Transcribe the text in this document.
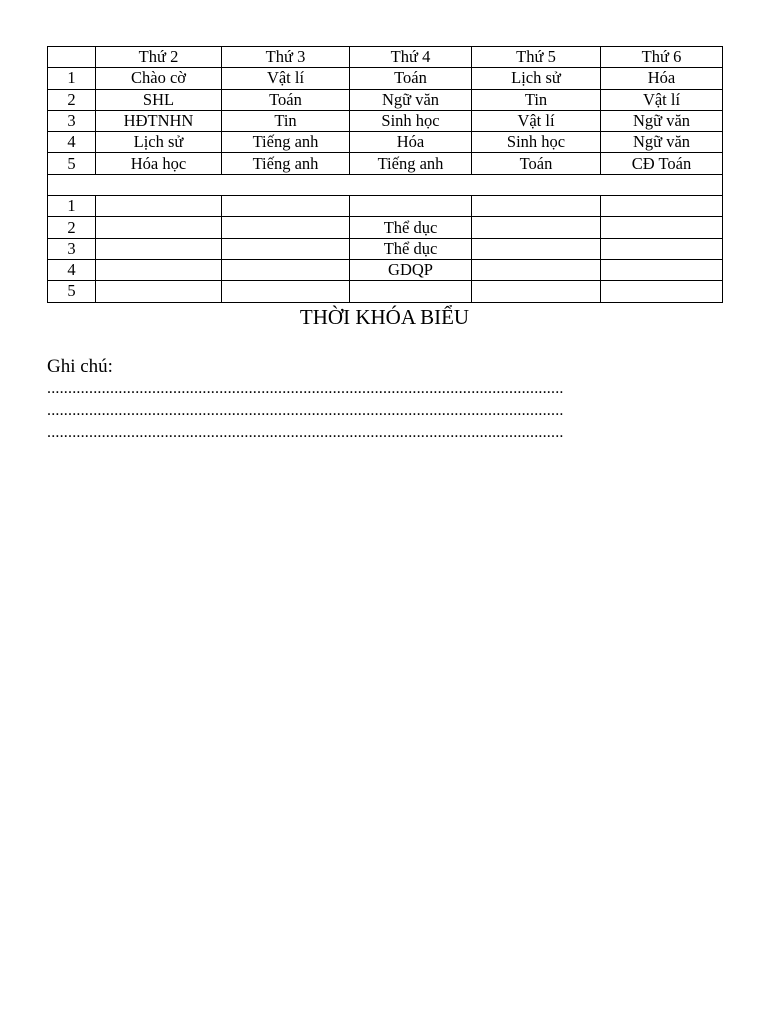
	Thứ 2	Thứ 3	Thứ 4	Thứ 5	Thứ 6
1	Chào cờ	Vật lí	Toán	Lịch sử	Hóa
2	SHL	Toán	Ngữ văn	Tin	Vật lí
3	HĐTNHN	Tin	Sinh học	Vật lí	Ngữ văn
4	Lịch sử	Tiếng anh	Hóa	Sinh học	Ngữ văn
5	Hóa học	Tiếng anh	Tiếng anh	Toán	CĐ Toán

1					
2			Thể dục		
3			Thể dục		
4			GDQP		
5					
THỜI KHÓA BIỂU
Ghi chú:
...........................................................................................................................
...........................................................................................................................
...........................................................................................................................
